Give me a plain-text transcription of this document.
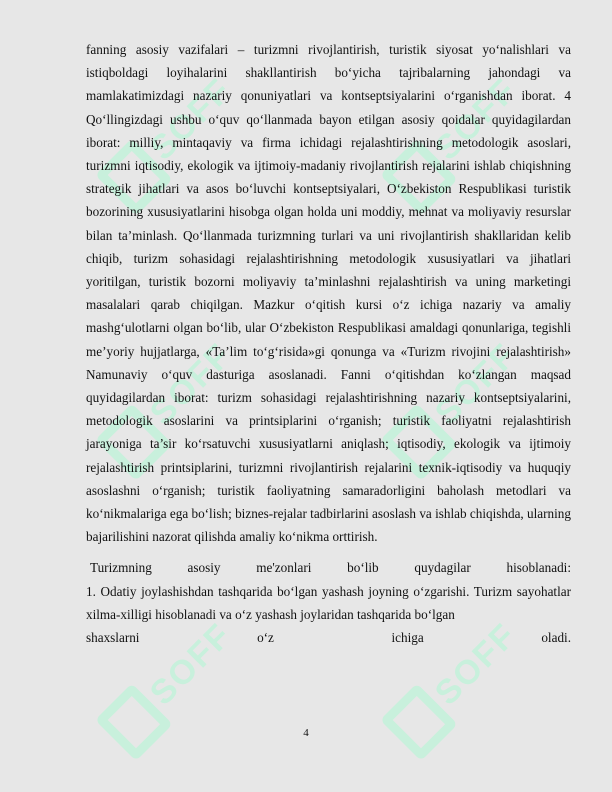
SOFF	SOFF
SOFF	SOFF
SOFF	SOFF

fanning asosiy vazifalari – turizmni rivojlantirish, turistik siyosat yo‘nalishlari va istiqboldagi loyihalarini shakllantirish bo‘yicha tajribalarning jahondagi va mamlakatimizdagi nazariy qonuniyatlari va kontseptsiyalarini o‘rganishdan iborat. 4 Qo‘llingizdagi ushbu o‘quv qo‘llanmada bayon etilgan asosiy qoidalar quyidagilardan iborat: milliy, mintaqaviy va firma ichidagi rejalashtirishning metodologik asoslari, turizmni iqtisodiy, ekologik va ijtimoiy-madaniy rivojlantirish rejalarini ishlab chiqishning strategik jihatlari va asos bo‘luvchi kontseptsiyalari, O‘zbekiston Respublikasi turistik bozorining xususiyatlarini hisobga olgan holda uni moddiy, mehnat va moliyaviy resurslar bilan ta’minlash. Qo‘llanmada turizmning turlari va uni rivojlantirish shakllaridan kelib chiqib, turizm sohasidagi rejalashtirishning metodologik xususiyatlari va jihatlari yoritilgan, turistik bozorni moliyaviy ta’minlashni rejalashtirish va uning marketingi masalalari qarab chiqilgan. Mazkur o‘qitish kursi o‘z ichiga nazariy va amaliy mashg‘ulotlarni olgan bo‘lib, ular O‘zbekiston Respublikasi amaldagi qonunlariga, tegishli me’yoriy hujjatlarga, «Ta’lim to‘g‘risida»gi qonunga va «Turizm rivojini rejalashtirish» Namunaviy o‘quv dasturiga asoslanadi. Fanni o‘qitishdan ko‘zlangan maqsad quyidagilardan iborat: turizm sohasidagi rejalashtirishning nazariy kontseptsiyalarini, metodologik asoslarini va printsiplarini o‘rganish; turistik faoliyatni rejalashtirish jarayoniga ta’sir ko‘rsatuvchi xususiyatlarni aniqlash; iqtisodiy, ekologik va ijtimoiy rejalashtirish printsiplarini, turizmni rivojlantirish rejalarini texnik-iqtisodiy va huquqiy asoslashni o‘rganish; turistik faoliyatning samaradorligini baholash metodlari va ko‘nikmalariga ega bo‘lish; biznes-rejalar tadbirlarini asoslash va ishlab chiqishda, ularning bajarilishini nazorat qilishda amaliy ko‘nikma orttirish.

Turizmning asosiy me'zonlari bo‘lib quydagilar hisoblanadi:

1. Odatiy joylashishdan tashqarida bo‘lgan yashash joyning o‘zgarishi. Turizm sayohatlar xilma-xilligi hisoblanadi va o‘z yashash joylaridan tashqarida bo‘lgan

shaxslarni o‘z ichiga oladi.

4
